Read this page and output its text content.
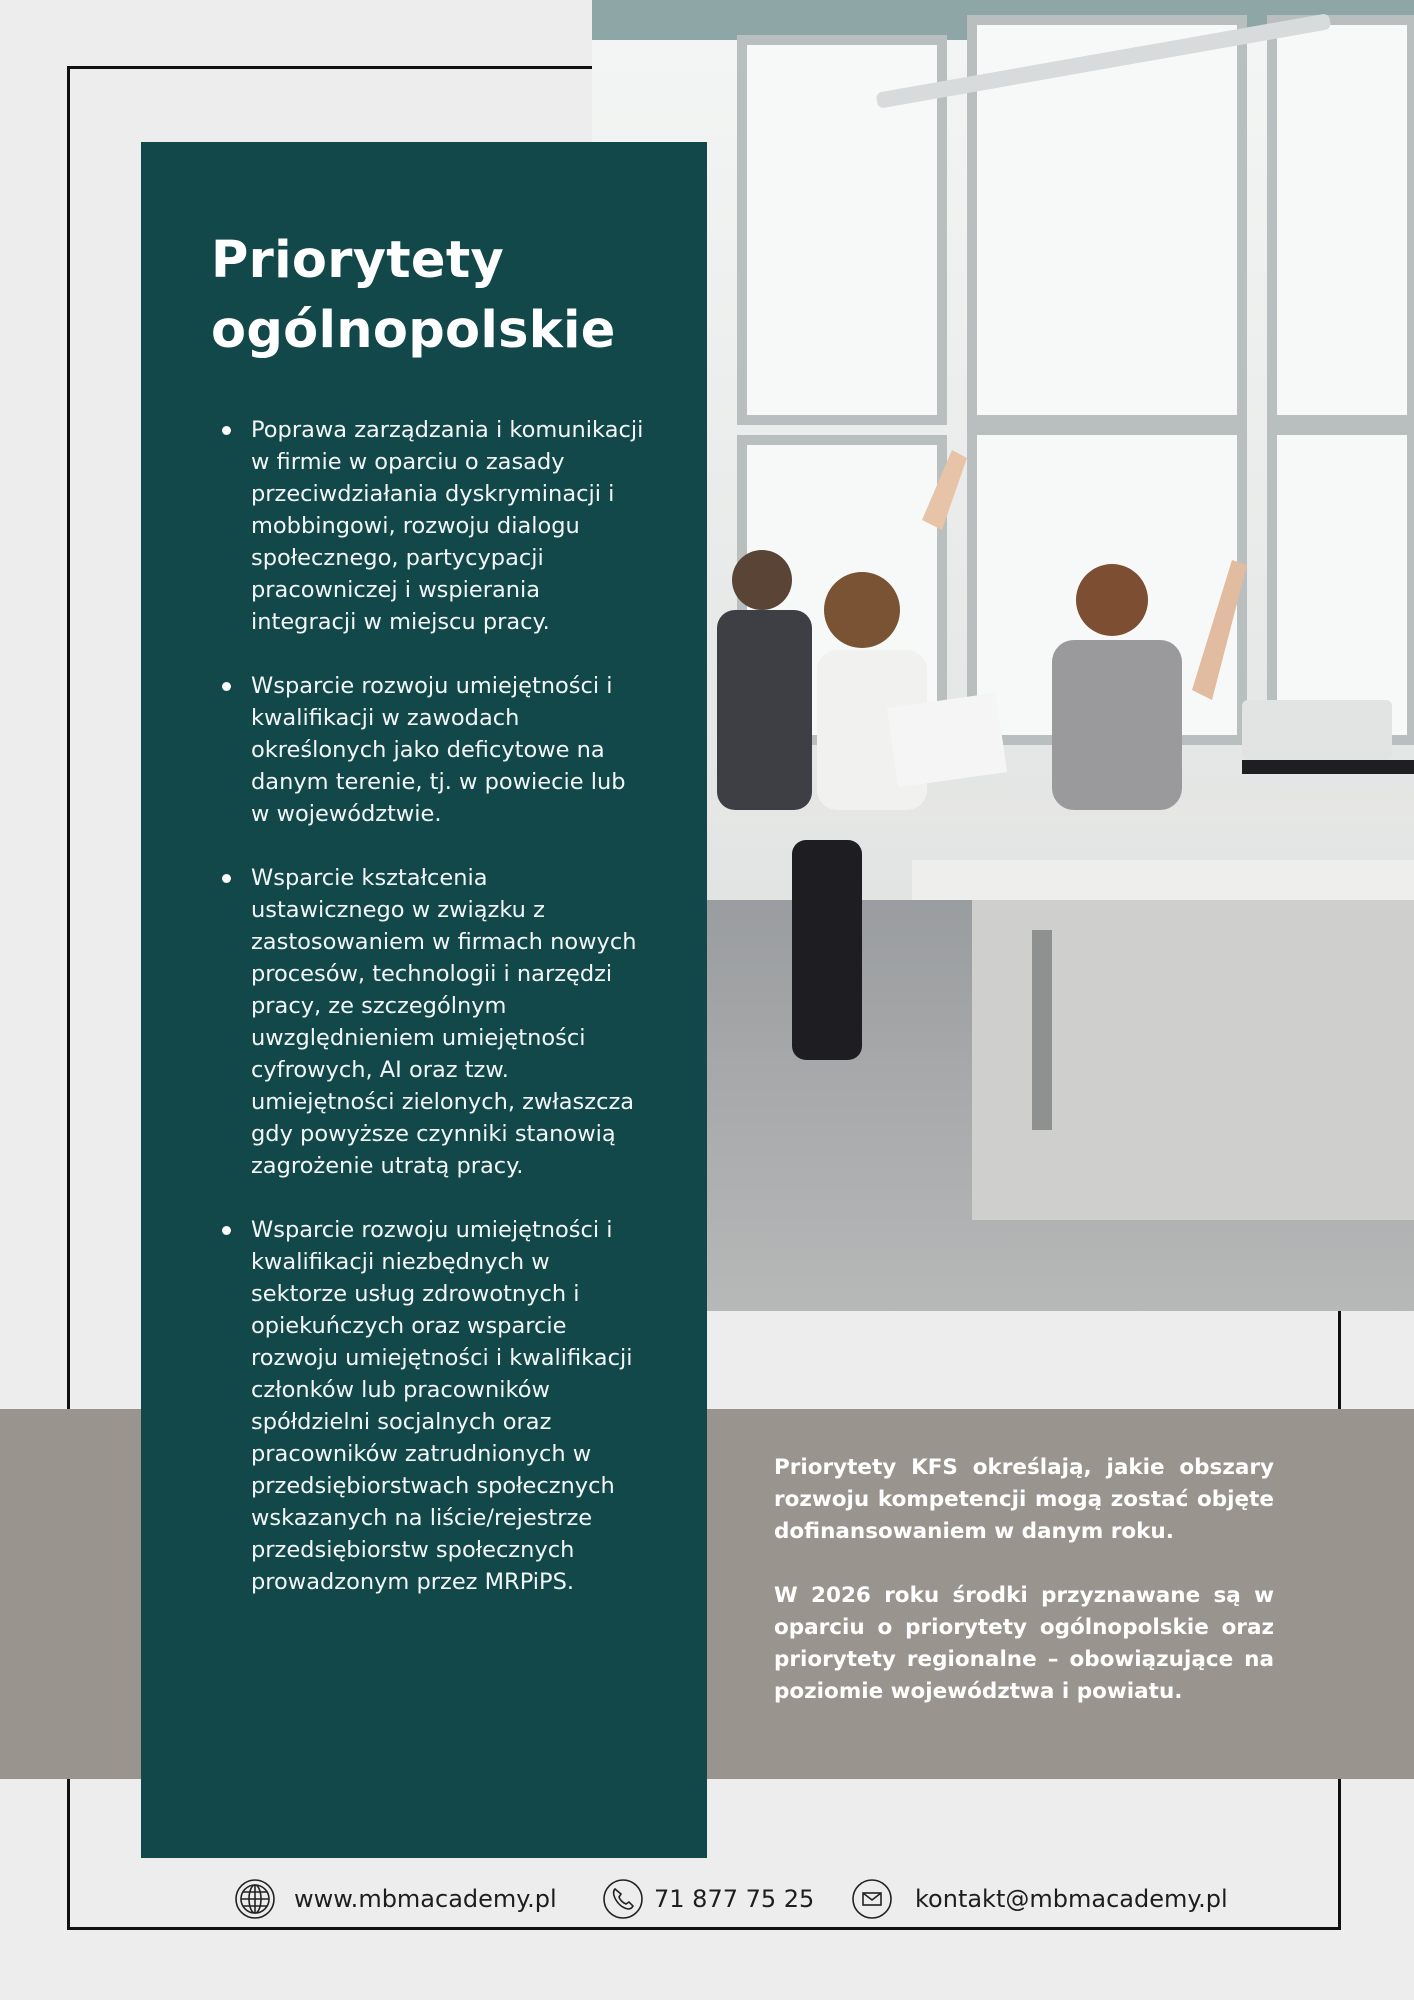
Priorytety
ogólnopolskie
Poprawa zarządzania i komunikacji w firmie w oparciu o zasady przeciwdziałania dyskryminacji i mobbingowi, rozwoju dialogu społecznego, partycypacji pracowniczej i wspierania integracji w miejscu pracy.
Wsparcie rozwoju umiejętności i kwalifikacji w zawodach określonych jako deficytowe na danym terenie, tj. w powiecie lub w województwie.
Wsparcie kształcenia ustawicznego w związku z zastosowaniem w firmach nowych procesów, technologii i narzędzi pracy, ze szczególnym uwzględnieniem umiejętności cyfrowych, AI oraz tzw. umiejętności zielonych, zwłaszcza gdy powyższe czynniki stanowią zagrożenie utratą pracy.
Wsparcie rozwoju umiejętności i kwalifikacji niezbędnych w sektorze usług zdrowotnych i opiekuńczych oraz wsparcie rozwoju umiejętności i kwalifikacji członków lub pracowników spółdzielni socjalnych oraz pracowników zatrudnionych w przedsiębiorstwach społecznych wskazanych na liście/rejestrze przedsiębiorstw społecznych prowadzonym przez MRPiPS.

Priorytety KFS określają, jakie obszary rozwoju kompetencji mogą zostać objęte dofinansowaniem w danym roku.

W 2026 roku środki przyznawane są w oparciu o priorytety ogólnopolskie oraz priorytety regionalne – obowiązujące na poziomie województwa i powiatu.

www.mbmacademy.pl	71 877 75 25	kontakt@mbmacademy.pl
